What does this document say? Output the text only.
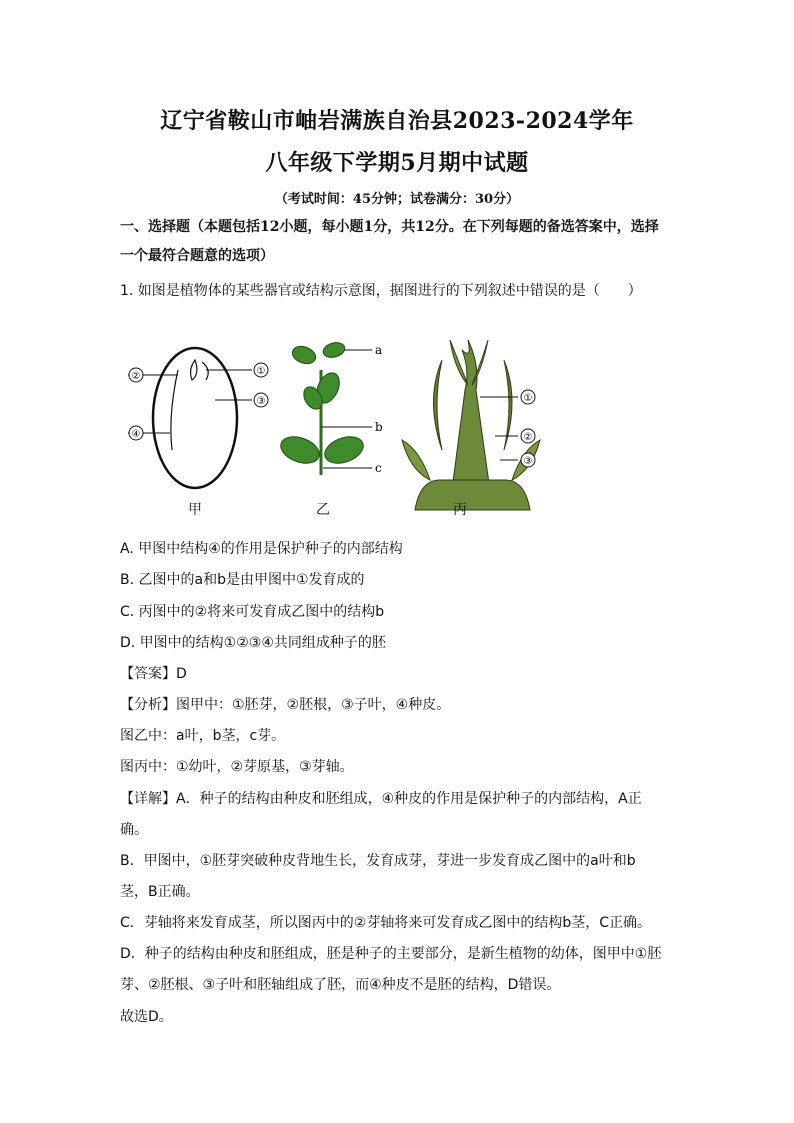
辽宁省鞍山市岫岩满族自治县2023-2024学年
八年级下学期5月期中试题
（考试时间：45分钟；试卷满分：30分）
一、选择题（本题包括12小题，每小题1分，共12分。在下列每题的备选答案中，选择
一个最符合题意的选项）
1. 如图是植物体的某些器官或结构示意图，据图进行的下列叙述中错误的是（　　）
②	①
③
④
a
b
c
①
②
③
甲	乙	丙
A. 甲图中结构④的作用是保护种子的内部结构
B. 乙图中的a和b是由甲图中①发育成的
C. 丙图中的②将来可发育成乙图中的结构b
D. 甲图中的结构①②③④共同组成种子的胚
【答案】D
【分析】图甲中：①胚芽，②胚根，③子叶，④种皮。
图乙中：a叶，b茎，c芽。
图丙中：①幼叶，②芽原基，③芽轴。
【详解】A．种子的结构由种皮和胚组成，④种皮的作用是保护种子的内部结构，A正
确。
B．甲图中，①胚芽突破种皮背地生长，发育成芽，芽进一步发育成乙图中的a叶和b
茎，B正确。
C．芽轴将来发育成茎，所以图丙中的②芽轴将来可发育成乙图中的结构b茎，C正确。
D．种子的结构由种皮和胚组成，胚是种子的主要部分，是新生植物的幼体，图甲中①胚
芽、②胚根、③子叶和胚轴组成了胚，而④种皮不是胚的结构，D错误。
故选D。
